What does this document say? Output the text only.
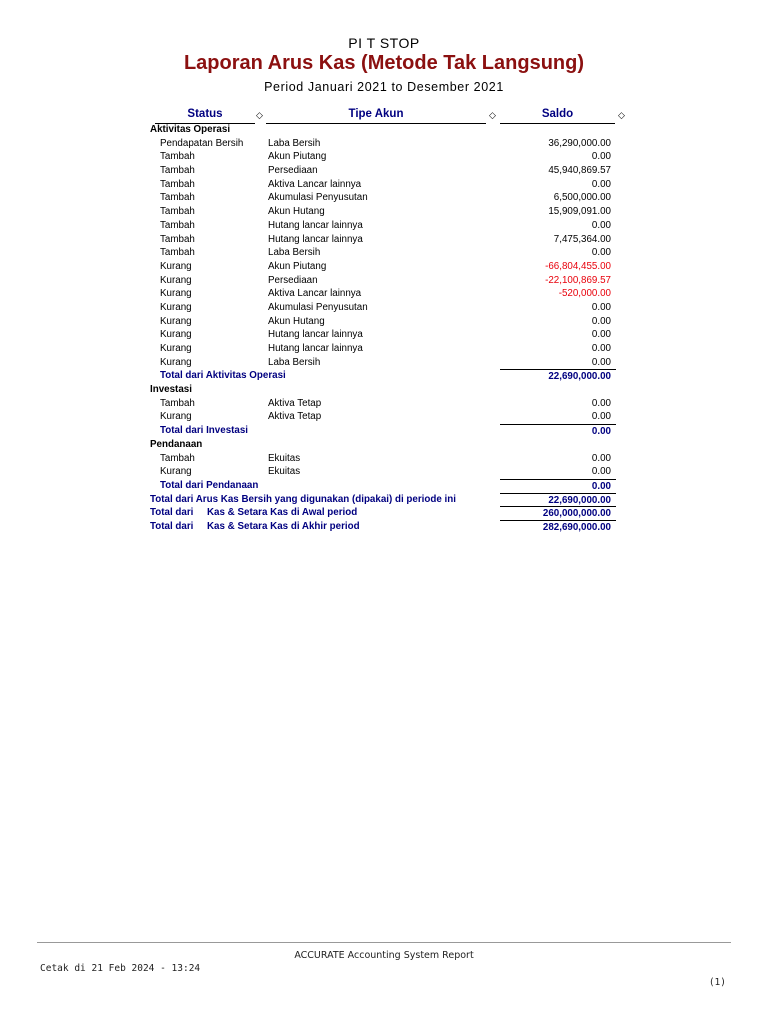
PI T STOP
Laporan Arus Kas (Metode Tak Langsung)
Period Januari 2021 to Desember 2021
Status	◇	Tipe Akun	◇	Saldo	◇
Aktivitas Operasi
Pendapatan Bersih	Laba Bersih	36,290,000.00
Tambah	Akun Piutang	0.00
Tambah	Persediaan	45,940,869.57
Tambah	Aktiva Lancar lainnya	0.00
Tambah	Akumulasi Penyusutan	6,500,000.00
Tambah	Akun Hutang	15,909,091.00
Tambah	Hutang lancar lainnya	0.00
Tambah	Hutang lancar lainnya	7,475,364.00
Tambah	Laba Bersih	0.00
Kurang	Akun Piutang	-66,804,455.00
Kurang	Persediaan	-22,100,869.57
Kurang	Aktiva Lancar lainnya	-520,000.00
Kurang	Akumulasi Penyusutan	0.00
Kurang	Akun Hutang	0.00
Kurang	Hutang lancar lainnya	0.00
Kurang	Hutang lancar lainnya	0.00
Kurang	Laba Bersih	0.00
Total dari Aktivitas Operasi	22,690,000.00
Investasi
Tambah	Aktiva Tetap	0.00
Kurang	Aktiva Tetap	0.00
Total dari Investasi	0.00
Pendanaan
Tambah	Ekuitas	0.00
Kurang	Ekuitas	0.00
Total dari Pendanaan	0.00
Total dari Arus Kas Bersih yang digunakan (dipakai) di periode ini	22,690,000.00
Total dari     Kas & Setara Kas di Awal period	260,000,000.00
Total dari     Kas & Setara Kas di Akhir period	282,690,000.00
ACCURATE Accounting System Report
Cetak di 21 Feb 2024 - 13:24
(1)
